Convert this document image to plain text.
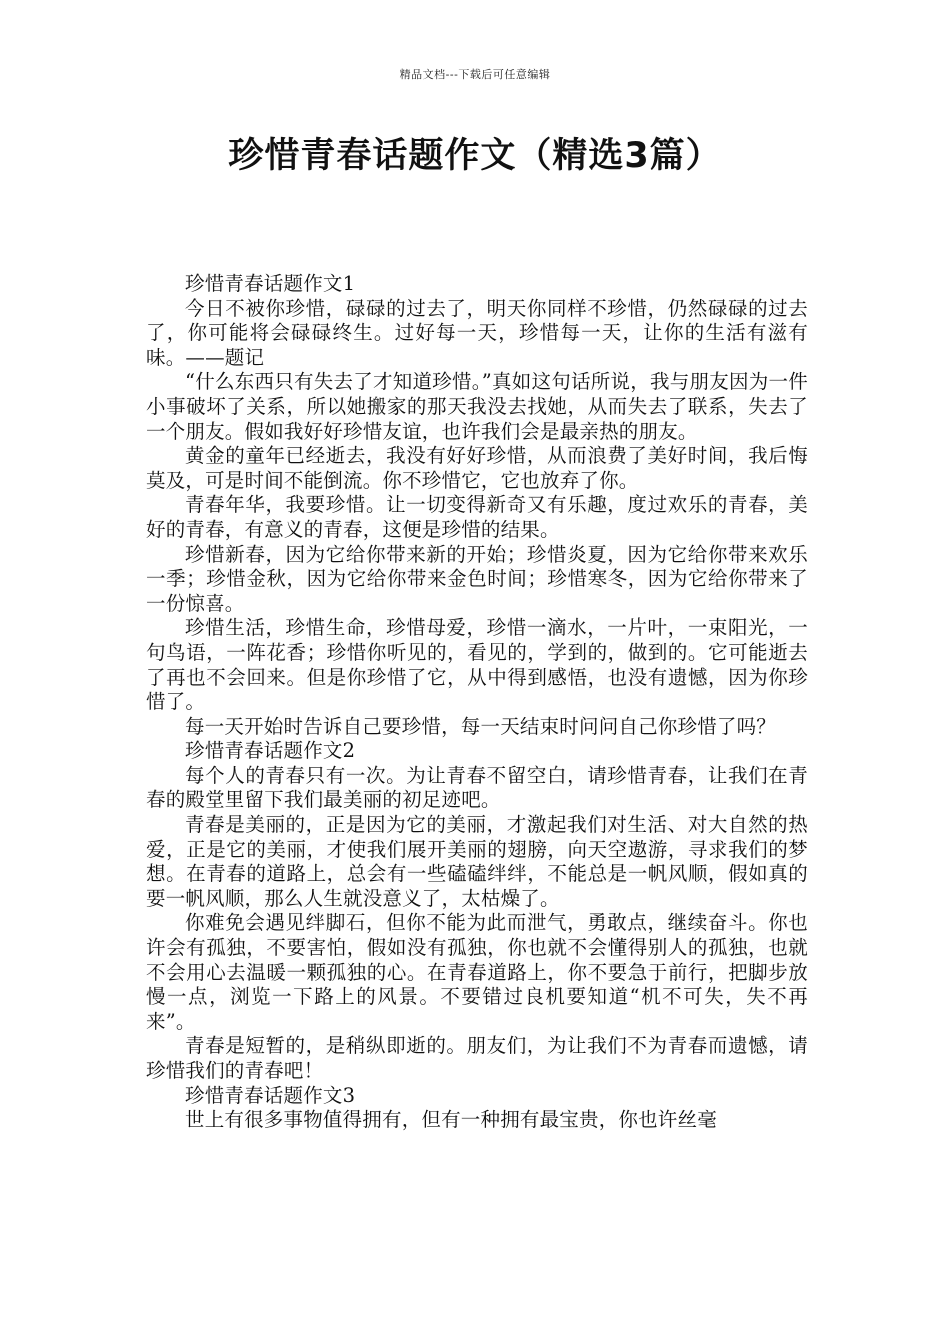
精品文档---下载后可任意编辑
珍惜青春话题作文（精选3篇）

珍惜青春话题作文1

今日不被你珍惜，碌碌的过去了，明天你同样不珍惜，仍然碌碌的过去了，你可能将会碌碌终生。过好每一天，珍惜每一天，让你的生活有滋有味。——题记

“什么东西只有失去了才知道珍惜。”真如这句话所说，我与朋友因为一件小事破坏了关系，所以她搬家的那天我没去找她，从而失去了联系，失去了一个朋友。假如我好好珍惜友谊，也许我们会是最亲热的朋友。

黄金的童年已经逝去，我没有好好珍惜，从而浪费了美好时间，我后悔莫及，可是时间不能倒流。你不珍惜它，它也放弃了你。

青春年华，我要珍惜。让一切变得新奇又有乐趣，度过欢乐的青春，美好的青春，有意义的青春，这便是珍惜的结果。

珍惜新春，因为它给你带来新的开始；珍惜炎夏，因为它给你带来欢乐一季；珍惜金秋，因为它给你带来金色时间；珍惜寒冬，因为它给你带来了一份惊喜。

珍惜生活，珍惜生命，珍惜母爱，珍惜一滴水，一片叶，一束阳光，一句鸟语，一阵花香；珍惜你听见的，看见的，学到的，做到的。它可能逝去了再也不会回来。但是你珍惜了它，从中得到感悟，也没有遗憾，因为你珍惜了。

每一天开始时告诉自己要珍惜，每一天结束时问问自己你珍惜了吗？

珍惜青春话题作文2

每个人的青春只有一次。为让青春不留空白，请珍惜青春，让我们在青春的殿堂里留下我们最美丽的初足迹吧。

青春是美丽的，正是因为它的美丽，才激起我们对生活、对大自然的热爱，正是它的美丽，才使我们展开美丽的翅膀，向天空遨游，寻求我们的梦想。在青春的道路上，总会有一些磕磕绊绊，不能总是一帆风顺，假如真的要一帆风顺，那么人生就没意义了，太枯燥了。

你难免会遇见绊脚石，但你不能为此而泄气，勇敢点，继续奋斗。你也许会有孤独，不要害怕，假如没有孤独，你也就不会懂得别人的孤独，也就不会用心去温暖一颗孤独的心。在青春道路上，你不要急于前行，把脚步放慢一点，浏览一下路上的风景。不要错过良机要知道“机不可失，失不再来”。

青春是短暂的，是稍纵即逝的。朋友们，为让我们不为青春而遗憾，请珍惜我们的青春吧！

珍惜青春话题作文3

世上有很多事物值得拥有，但有一种拥有最宝贵，你也许丝毫
